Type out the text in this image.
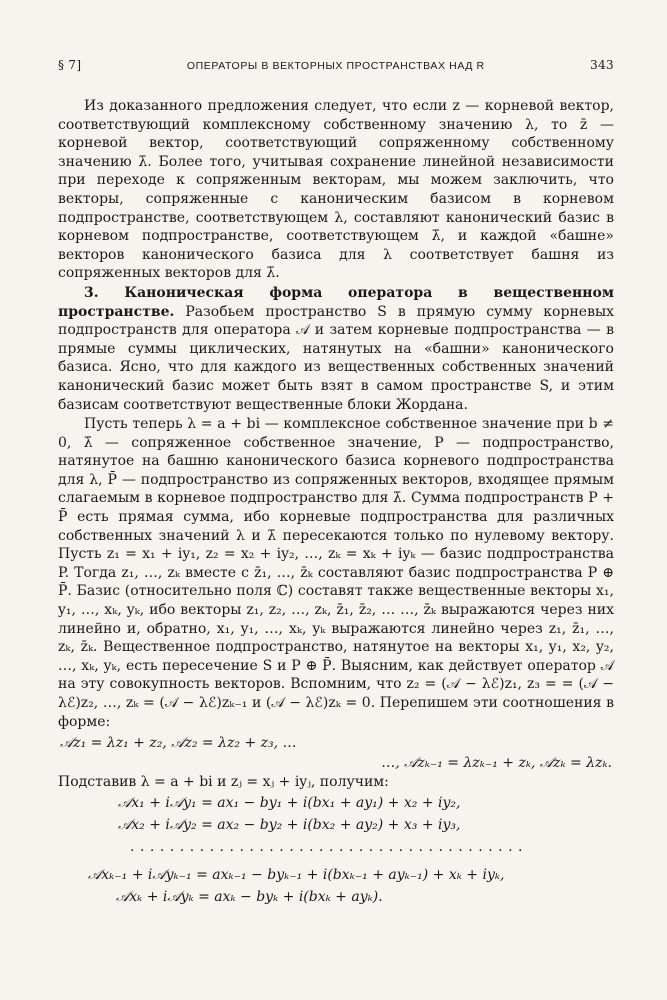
§ 7]	ОПЕРАТОРЫ В ВЕКТОРНЫХ ПРОСТРАНСТВАХ НАД R	343

Из доказанного предложения следует, что если z — корневой вектор, соответствующий комплексному собственному значению λ, то z̄ — корневой вектор, соответствующий сопряженному собственному значению λ̄. Более того, учитывая сохранение линейной независимости при переходе к сопряженным векторам, мы можем заключить, что векторы, сопряженные с каноническим базисом в корневом подпространстве, соответствующем λ, составляют канонический базис в корневом подпространстве, соответствующем λ̄, и каждой «башне» векторов канонического базиса для λ соответствует башня из сопряженных векторов для λ̄.

3. Каноническая форма оператора в вещественном пространстве. Разобьем пространство S в прямую сумму корневых подпространств для оператора 𝒜 и затем корневые подпространства — в прямые суммы циклических, натянутых на «башни» канонического базиса. Ясно, что для каждого из вещественных собственных значений канонический базис может быть взят в самом пространстве S, и этим базисам соответствуют вещественные блоки Жордана.

Пусть теперь λ = a + bi — комплексное собственное значение при b ≠ 0, λ̄ — сопряженное собственное значение, P — подпространство, натянутое на башню канонического базиса корневого подпространства для λ, P̄ — подпространство из сопряженных векторов, входящее прямым слагаемым в корневое подпространство для λ̄. Сумма подпространств P + P̄ есть прямая сумма, ибо корневые подпространства для различных собственных значений λ и λ̄ пересекаются только по нулевому вектору. Пусть z₁ = x₁ + iy₁, z₂ = x₂ + iy₂, …, zₖ = xₖ + iyₖ — базис подпространства P. Тогда z₁, …, zₖ вместе с z̄₁, …, z̄ₖ составляют базис подпространства P ⊕ P̄. Базис (относительно поля ℂ) составят также вещественные векторы x₁, y₁, …, xₖ, yₖ, ибо векторы z₁, z₂, …, zₖ, z̄₁, z̄₂, … …, z̄ₖ выражаются через них линейно и, обратно, x₁, y₁, …, xₖ, yₖ выражаются линейно через z₁, z̄₁, …, zₖ, z̄ₖ. Вещественное подпространство, натянутое на векторы x₁, y₁, x₂, y₂, …, xₖ, yₖ, есть пересечение S и P ⊕ P̄. Выясним, как действует оператор 𝒜 на эту совокупность векторов. Вспомним, что z₂ = (𝒜 − λℰ)z₁, z₃ = = (𝒜 − λℰ)z₂, …, zₖ = (𝒜 − λℰ)zₖ₋₁ и (𝒜 − λℰ)zₖ = 0. Перепишем эти соотношения в форме:

𝒜z₁ = λz₁ + z₂, 𝒜z₂ = λz₂ + z₃, …
…, 𝒜zₖ₋₁ = λzₖ₋₁ + zₖ, 𝒜zₖ = λzₖ.

Подставив λ = a + bi и zⱼ = xⱼ + iyⱼ, получим:

𝒜x₁ + i𝒜y₁ = ax₁ − by₁ + i(bx₁ + ay₁) + x₂ + iy₂,
𝒜x₂ + i𝒜y₂ = ax₂ − by₂ + i(bx₂ + ay₂) + x₃ + iy₃,
........................................
𝒜xₖ₋₁ + i𝒜yₖ₋₁ = axₖ₋₁ − byₖ₋₁ + i(bxₖ₋₁ + ayₖ₋₁) + xₖ + iyₖ,
𝒜xₖ + i𝒜yₖ = axₖ − byₖ + i(bxₖ + ayₖ).
